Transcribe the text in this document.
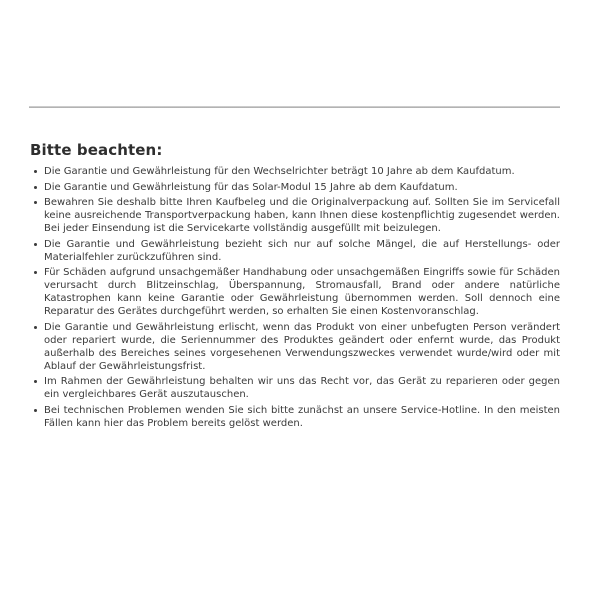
Bitte beachten:
Die Garantie und Gewährleistung für den Wechselrichter beträgt 10 Jahre ab dem Kaufdatum.
Die Garantie und Gewährleistung für das Solar-Modul 15 Jahre ab dem Kaufdatum.
Bewahren Sie deshalb bitte Ihren Kaufbeleg und die Originalverpackung auf. Sollten Sie im Servicefall keine ausreichende Transportverpackung haben, kann Ihnen diese kostenpflichtig zugesendet werden. Bei jeder Einsendung ist die Servicekarte vollständig ausgefüllt mit beizulegen.
Die Garantie und Gewährleistung bezieht sich nur auf solche Mängel, die auf Herstellungs- oder Materialfehler zurückzuführen sind.
Für Schäden aufgrund unsachgemäßer Handhabung oder unsachgemäßen Eingriffs sowie für Schäden verursacht durch Blitzeinschlag, Überspannung, Stromausfall, Brand oder andere natürliche Katastrophen kann keine Garantie oder Gewährleistung übernommen werden. Soll dennoch eine Reparatur des Gerätes durchgeführt werden, so erhalten Sie einen Kostenvoranschlag.
Die Garantie und Gewährleistung erlischt, wenn das Produkt von einer unbefugten Person verändert oder repariert wurde, die Seriennummer des Produktes geändert oder enfernt wurde, das Produkt außerhalb des Bereiches seines vorgesehenen Verwendungszweckes verwendet wurde/wird oder mit Ablauf der Gewährleistungsfrist.
Im Rahmen der Gewährleistung behalten wir uns das Recht vor, das Gerät zu reparieren oder gegen ein vergleichbares Gerät auszutauschen.
Bei technischen Problemen wenden Sie sich bitte zunächst an unsere Service-Hotline. In den meisten Fällen kann hier das Problem bereits gelöst werden.
